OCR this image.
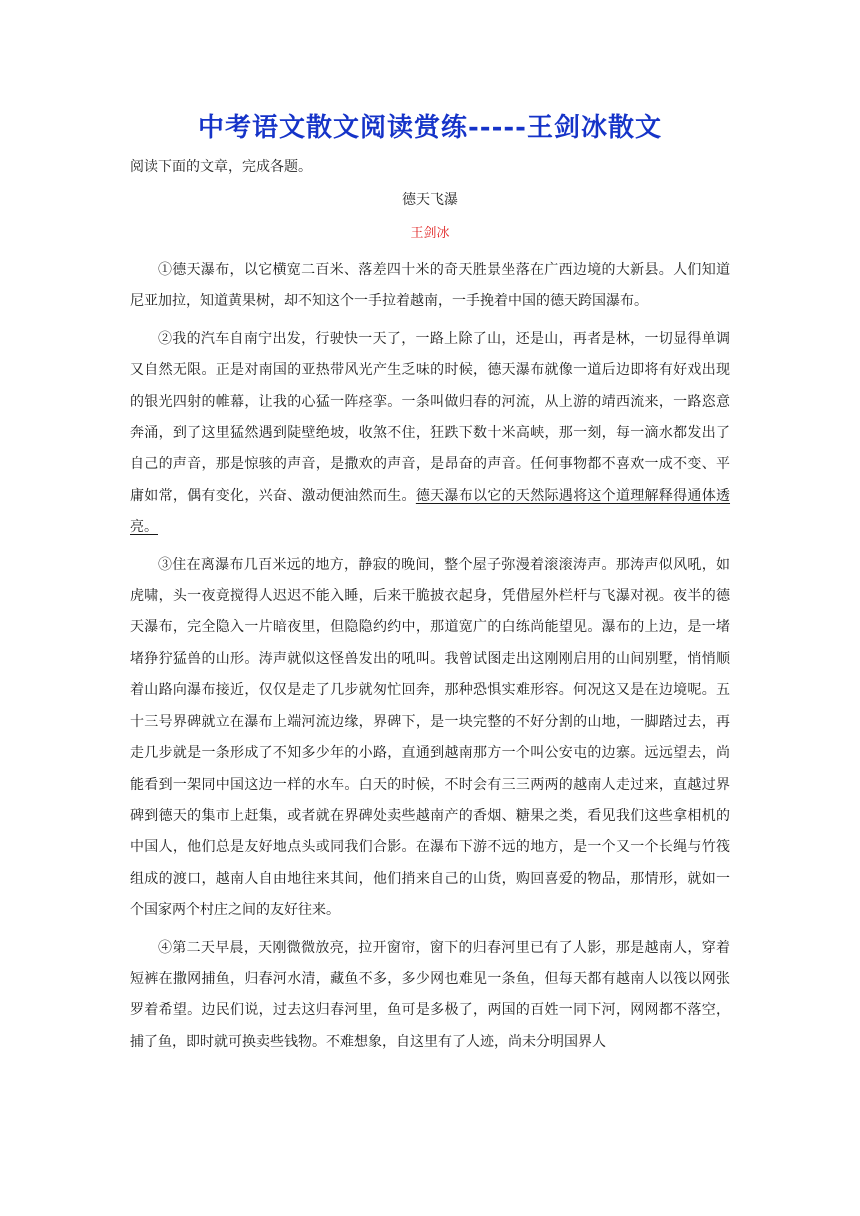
中考语文散文阅读赏练-----王剑冰散文
阅读下面的文章，完成各题。
德天飞瀑
王剑冰

①德天瀑布，以它横宽二百米、落差四十米的奇天胜景坐落在广西边境的大新县。人们知道尼亚加拉，知道黄果树，却不知这个一手拉着越南，一手挽着中国的德天跨国瀑布。

②我的汽车自南宁出发，行驶快一天了，一路上除了山，还是山，再者是林，一切显得单调又自然无限。正是对南国的亚热带风光产生乏味的时候，德天瀑布就像一道后边即将有好戏出现的银光四射的帷幕，让我的心猛一阵痉挛。一条叫做归春的河流，从上游的靖西流来，一路恣意奔涌，到了这里猛然遇到陡壁绝坡，收煞不住，狂跌下数十米高峡，那一刻，每一滴水都发出了自己的声音，那是惊骇的声音，是撒欢的声音，是昂奋的声音。任何事物都不喜欢一成不变、平庸如常，偶有变化，兴奋、激动便油然而生。德天瀑布以它的天然际遇将这个道理解释得通体透亮。

③住在离瀑布几百米远的地方，静寂的晚间，整个屋子弥漫着滚滚涛声。那涛声似风吼，如虎啸，头一夜竟搅得人迟迟不能入睡，后来干脆披衣起身，凭借屋外栏杆与飞瀑对视。夜半的德天瀑布，完全隐入一片暗夜里，但隐隐约约中，那道宽广的白练尚能望见。瀑布的上边，是一堵堵狰狞猛兽的山形。涛声就似这怪兽发出的吼叫。我曾试图走出这刚刚启用的山间别墅，悄悄顺着山路向瀑布接近，仅仅是走了几步就匆忙回奔，那种恐惧实难形容。何况这又是在边境呢。五十三号界碑就立在瀑布上端河流边缘，界碑下，是一块完整的不好分割的山地，一脚踏过去，再走几步就是一条形成了不知多少年的小路，直通到越南那方一个叫公安屯的边寨。远远望去，尚能看到一架同中国这边一样的水车。白天的时候，不时会有三三两两的越南人走过来，直越过界碑到德天的集市上赶集，或者就在界碑处卖些越南产的香烟、糖果之类，看见我们这些拿相机的中国人，他们总是友好地点头或同我们合影。在瀑布下游不远的地方，是一个又一个长绳与竹筏组成的渡口，越南人自由地往来其间，他们捎来自己的山货，购回喜爱的物品，那情形，就如一个国家两个村庄之间的友好往来。

④第二天早晨，天刚微微放亮，拉开窗帘，窗下的归春河里已有了人影，那是越南人，穿着短裤在撒网捕鱼，归春河水清，藏鱼不多，多少网也难见一条鱼，但每天都有越南人以筏以网张罗着希望。边民们说，过去这归春河里，鱼可是多极了，两国的百姓一同下河，网网都不落空，捕了鱼，即时就可换卖些钱物。不难想象，自这里有了人迹，尚未分明国界人
